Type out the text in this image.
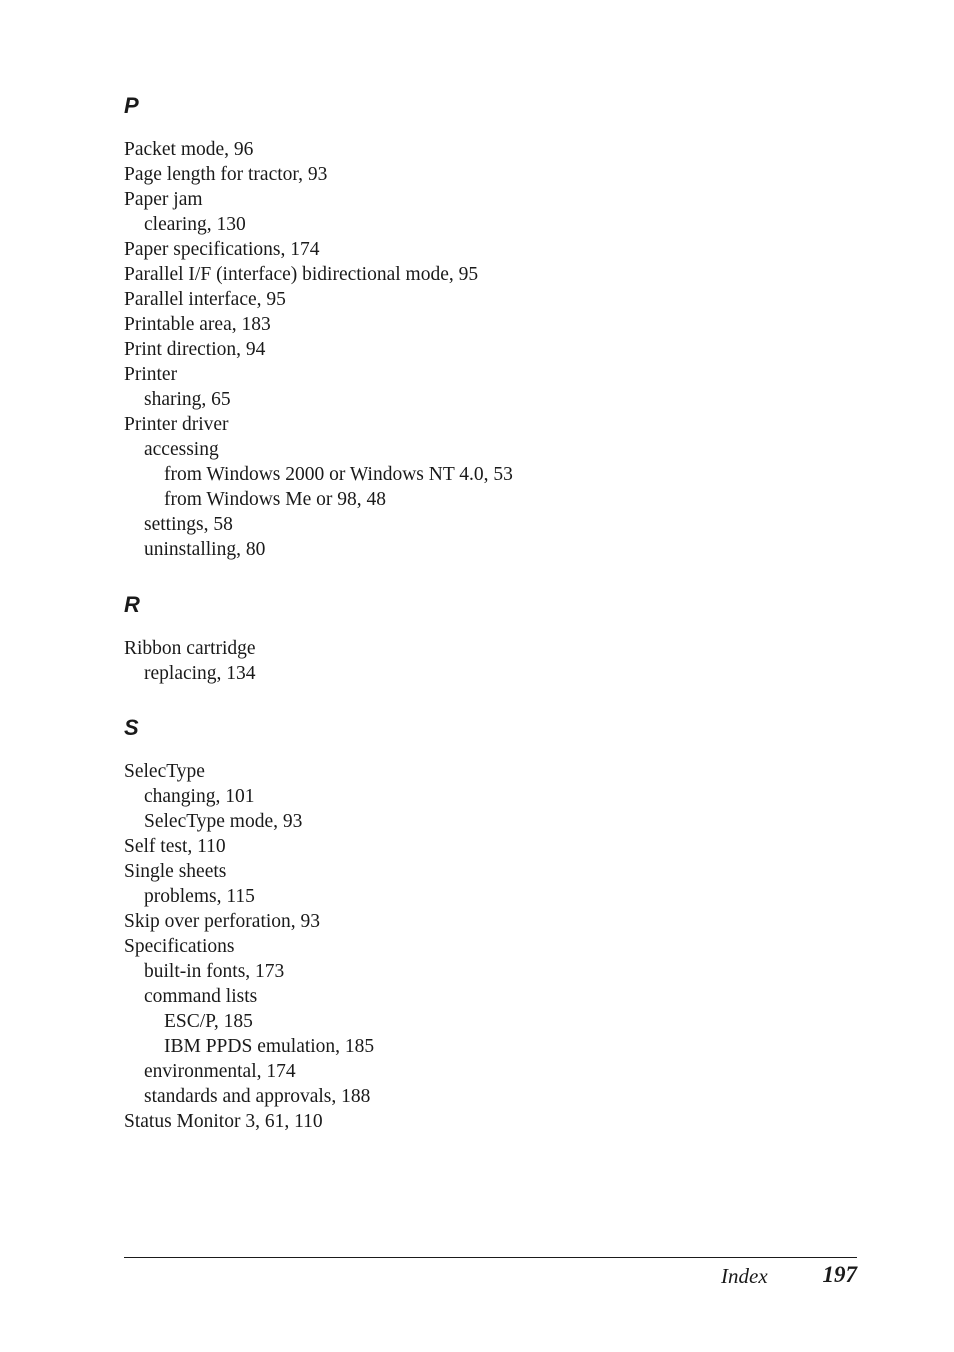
P
Packet mode, 96
Page length for tractor, 93
Paper jam
clearing, 130
Paper specifications, 174
Parallel I/F (interface) bidirectional mode, 95
Parallel interface, 95
Printable area, 183
Print direction, 94
Printer
sharing, 65
Printer driver
accessing
from Windows 2000 or Windows NT 4.0, 53
from Windows Me or 98, 48
settings, 58
uninstalling, 80
R
Ribbon cartridge
replacing, 134
S
SelecType
changing, 101
SelecType mode, 93
Self test, 110
Single sheets
problems, 115
Skip over perforation, 93
Specifications
built-in fonts, 173
command lists
ESC/P, 185
IBM PPDS emulation, 185
environmental, 174
standards and approvals, 188
Status Monitor 3, 61, 110
Index 197
